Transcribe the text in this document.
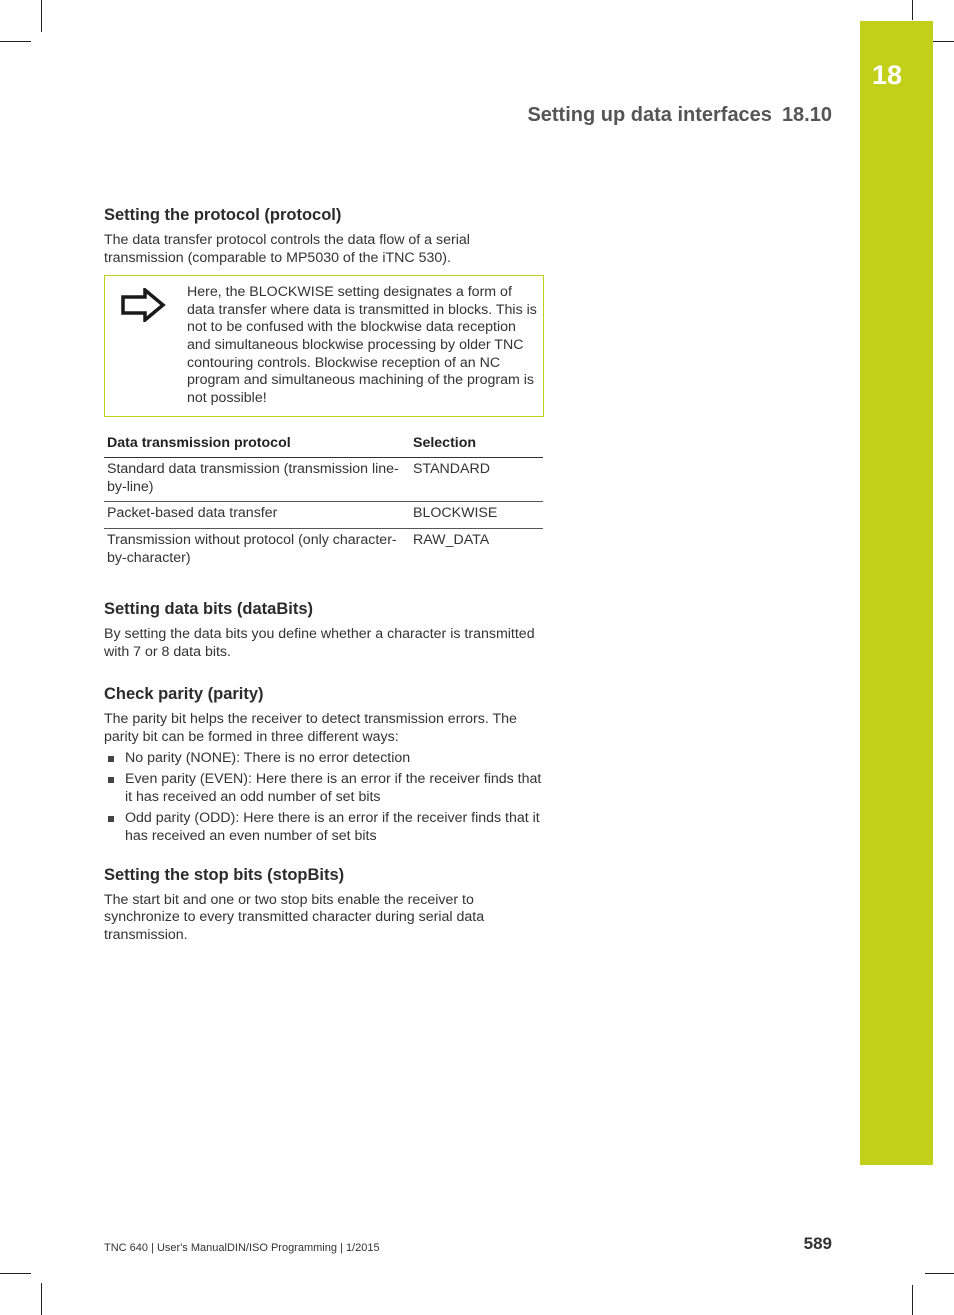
18
Setting up data interfaces 18.10
Setting the protocol (protocol)

The data transfer protocol controls the data flow of a serial transmission (comparable to MP5030 of the iTNC 530).

Here, the BLOCKWISE setting designates a form of data transfer where data is transmitted in blocks. This is not to be confused with the blockwise data reception and simultaneous blockwise processing by older TNC contouring controls. Blockwise reception of an NC program and simultaneous machining of the program is not possible!
Data transmission protocol	Selection
Standard data transmission (transmission line-by-line)	STANDARD
Packet-based data transfer	BLOCKWISE
Transmission without protocol (only character-by-character)	RAW_DATA
Setting data bits (dataBits)

By setting the data bits you define whether a character is transmitted with 7 or 8 data bits.

Check parity (parity)

The parity bit helps the receiver to detect transmission errors. The parity bit can be formed in three different ways:

No parity (NONE): There is no error detection
Even parity (EVEN): Here there is an error if the receiver finds that it has received an odd number of set bits
Odd parity (ODD): Here there is an error if the receiver finds that it has received an even number of set bits
Setting the stop bits (stopBits)

The start bit and one or two stop bits enable the receiver to synchronize to every transmitted character during serial data transmission.

TNC 640 | User's ManualDIN/ISO Programming | 1/2015	589
